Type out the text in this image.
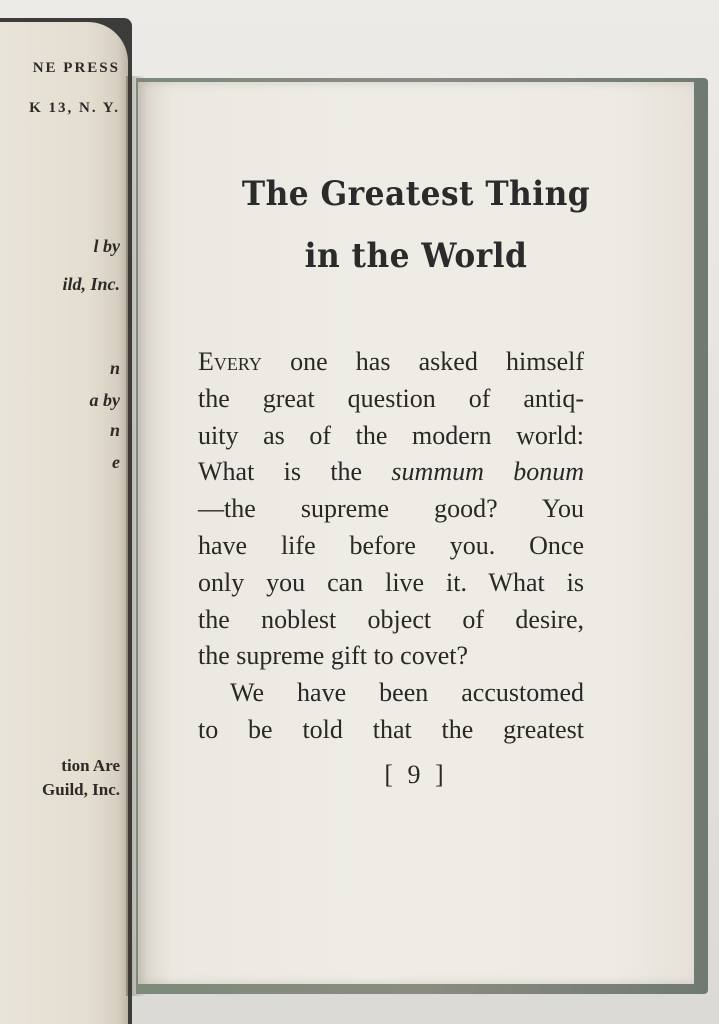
NE PRESS
K 13, N. Y.
l by
ild, Inc.
n
a by
n
e
tion Are
Guild, Inc.
The Greatest Thing
in the World
Every one has asked himself
the great question of antiq-
uity as of the modern world:
What is the summum bonum
—the supreme good? You
have life before you. Once
only you can live it. What is
the noblest object of desire,
the supreme gift to covet?
We have been accustomed
to be told that the greatest
[ 9 ]
